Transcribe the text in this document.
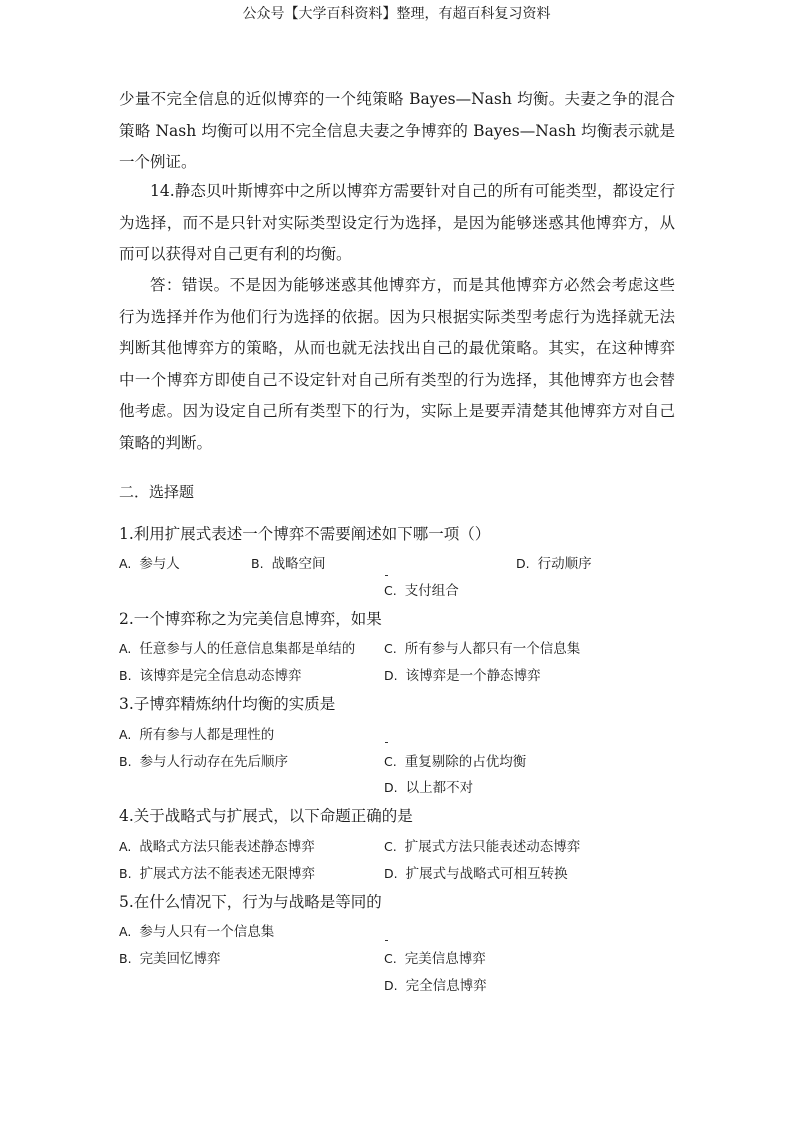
公众号【大学百科资料】整理，有超百科复习资料

少量不完全信息的近似博弈的一个纯策略 Bayes—Nash 均衡。夫妻之争的混合策略 Nash 均衡可以用不完全信息夫妻之争博弈的 Bayes—Nash 均衡表示就是一个例证。

14.静态贝叶斯博弈中之所以博弈方需要针对自己的所有可能类型，都设定行为选择，而不是只针对实际类型设定行为选择，是因为能够迷惑其他博弈方，从而可以获得对自己更有利的均衡。

答：错误。不是因为能够迷惑其他博弈方，而是其他博弈方必然会考虑这些行为选择并作为他们行为选择的依据。因为只根据实际类型考虑行为选择就无法判断其他博弈方的策略，从而也就无法找出自己的最优策略。其实，在这种博弈中一个博弈方即使自己不设定针对自己所有类型的行为选择，其他博弈方也会替他考虑。因为设定自己所有类型下的行为，实际上是要弄清楚其他博弈方对自己策略的判断。

二．选择题
1.利用扩展式表述一个博弈不需要阐述如下哪一项（）
A. 参与人	B. 战略空间	D. 行动顺序
C. 支付组合
2.一个博弈称之为完美信息博弈，如果
A. 任意参与人的任意信息集都是单结的 C. 所有参与人都只有一个信息集
B. 该博弈是完全信息动态博弈	D. 该博弈是一个静态博弈
3.子博弈精炼纳什均衡的实质是
A. 所有参与人都是理性的
B. 参与人行动存在先后顺序	C. 重复剔除的占优均衡
D. 以上都不对
4.关于战略式与扩展式，以下命题正确的是
A. 战略式方法只能表述静态博弈	C. 扩展式方法只能表述动态博弈
B. 扩展式方法不能表述无限博弈	D. 扩展式与战略式可相互转换
5.在什么情况下，行为与战略是等同的
A. 参与人只有一个信息集
B. 完美回忆博弈	C. 完美信息博弈
D. 完全信息博弈
